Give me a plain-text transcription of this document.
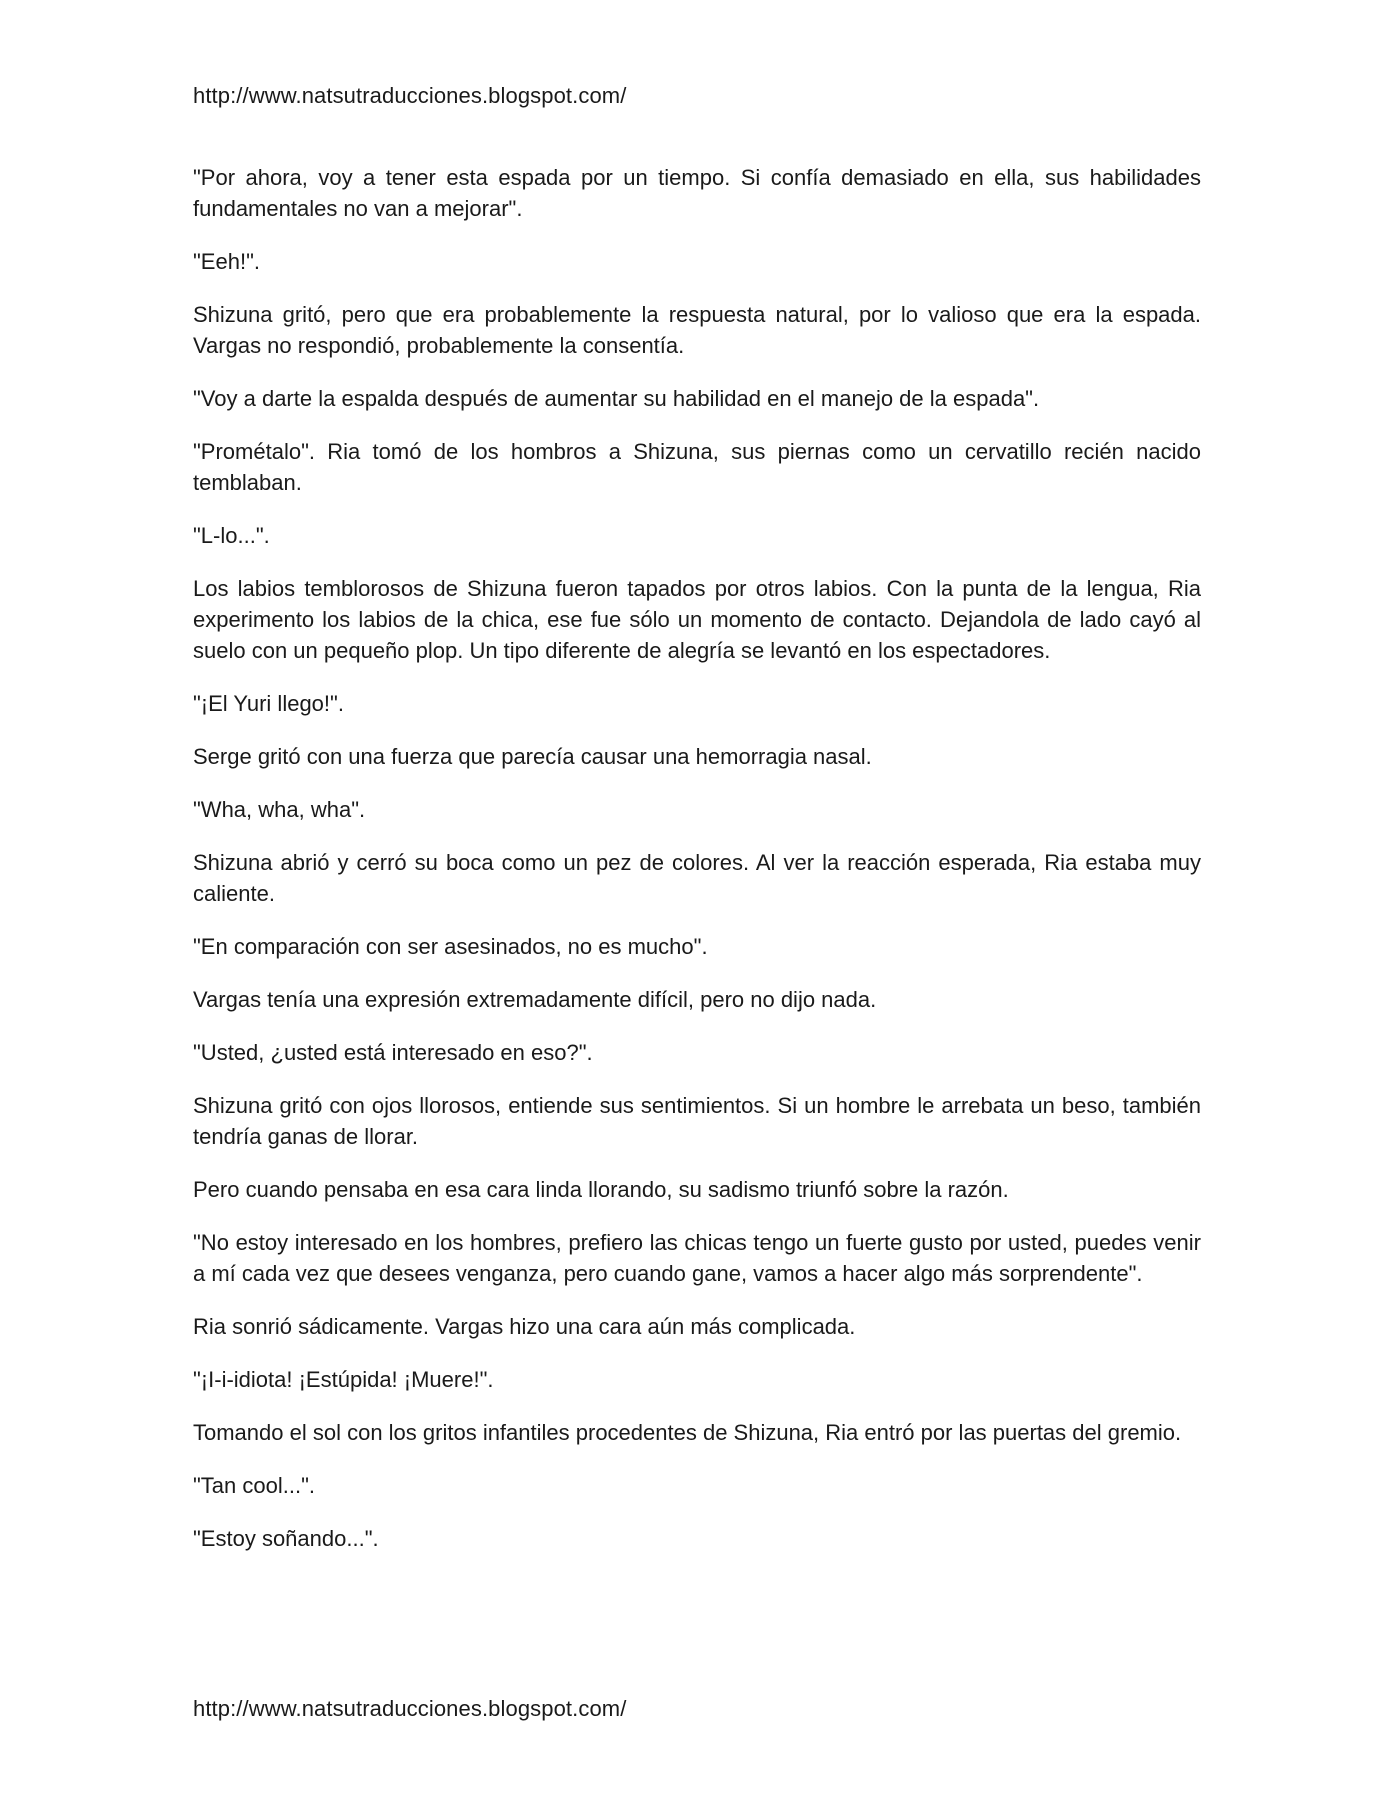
http://www.natsutraducciones.blogspot.com/

"Por ahora, voy a tener esta espada por un tiempo. Si confía demasiado en ella, sus habilidades fundamentales no van a mejorar".

"Eeh!".

Shizuna gritó, pero que era probablemente la respuesta natural, por lo valioso que era la espada. Vargas no respondió, probablemente la consentía.

"Voy a darte la espalda después de aumentar su habilidad en el manejo de la espada".

"Prométalo". Ria tomó de los hombros a Shizuna, sus piernas como un cervatillo recién nacido temblaban.

"L-lo...".

Los labios temblorosos de Shizuna fueron tapados por otros labios. Con la punta de la lengua, Ria experimento los labios de la chica, ese fue sólo un momento de contacto. Dejandola de lado cayó al suelo con un pequeño plop. Un tipo diferente de alegría se levantó en los espectadores.

"¡El Yuri llego!".

Serge gritó con una fuerza que parecía causar una hemorragia nasal.

"Wha, wha, wha".

Shizuna abrió y cerró su boca como un pez de colores. Al ver la reacción esperada, Ria estaba muy caliente.

"En comparación con ser asesinados, no es mucho".

Vargas tenía una expresión extremadamente difícil, pero no dijo nada.

"Usted, ¿usted está interesado en eso?".

Shizuna gritó con ojos llorosos, entiende sus sentimientos. Si un hombre le arrebata un beso, también tendría ganas de llorar.

Pero cuando pensaba en esa cara linda llorando, su sadismo triunfó sobre la razón.

"No estoy interesado en los hombres, prefiero las chicas tengo un fuerte gusto por usted, puedes venir a mí cada vez que desees venganza, pero cuando gane, vamos a hacer algo más sorprendente".

Ria sonrió sádicamente. Vargas hizo una cara aún más complicada.

"¡I-i-idiota! ¡Estúpida! ¡Muere!".

Tomando el sol con los gritos infantiles procedentes de Shizuna, Ria entró por las puertas del gremio.

"Tan cool...".

"Estoy soñando...".

http://www.natsutraducciones.blogspot.com/
